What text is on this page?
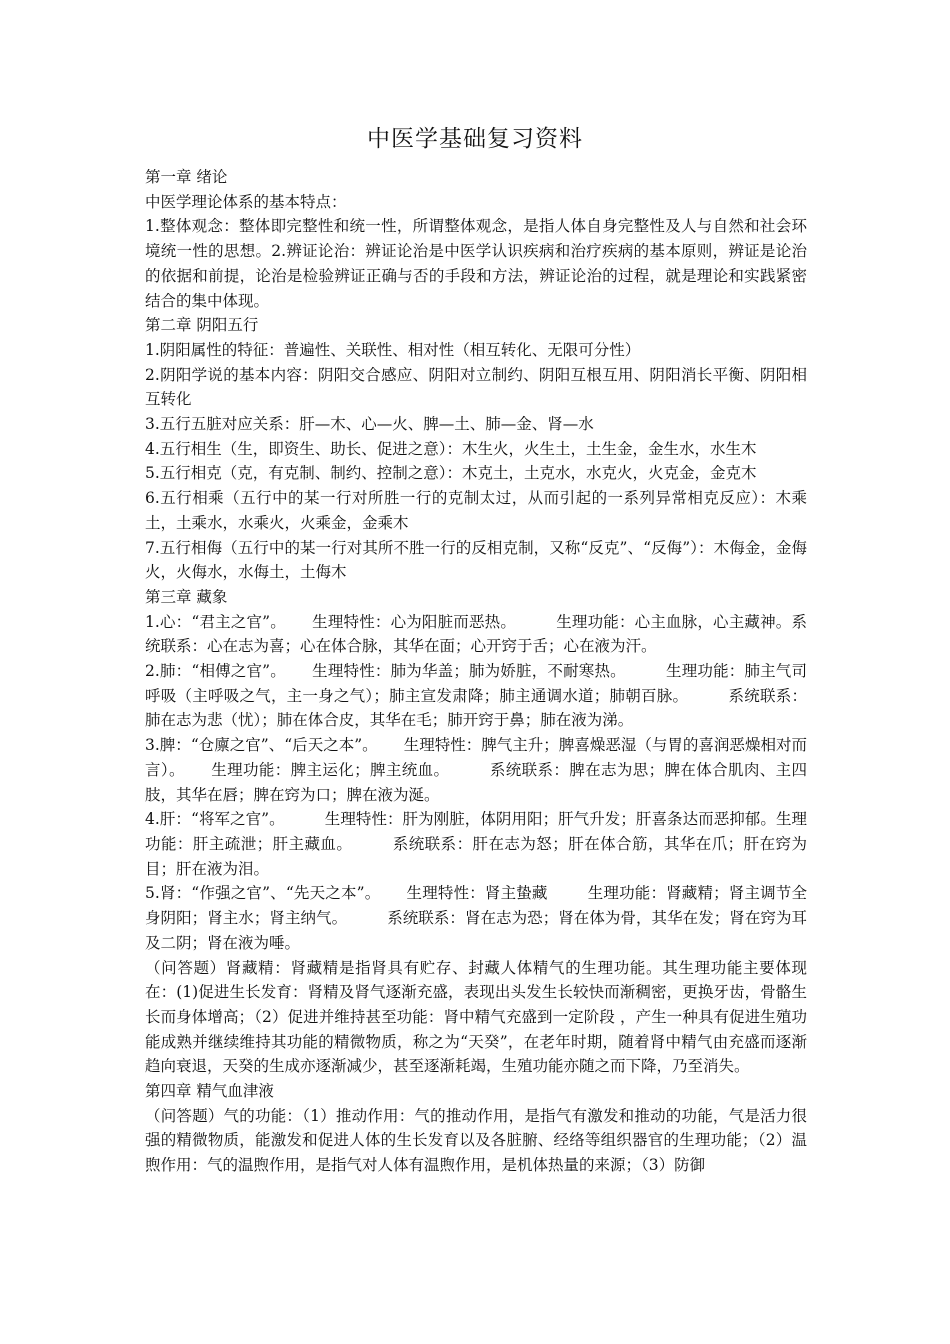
中医学基础复习资料

第一章 绪论

中医学理论体系的基本特点：

1.整体观念：整体即完整性和统一性，所谓整体观念，是指人体自身完整性及人与自然和社会环境统一性的思想。2.辨证论治：辨证论治是中医学认识疾病和治疗疾病的基本原则，辨证是论治的依据和前提，论治是检验辨证正确与否的手段和方法，辨证论治的过程，就是理论和实践紧密结合的集中体现。

第二章 阴阳五行

1.阴阳属性的特征：普遍性、关联性、相对性（相互转化、无限可分性）

2.阴阳学说的基本内容：阴阳交合感应、阴阳对立制约、阴阳互根互用、阴阳消长平衡、阴阳相互转化

3.五行五脏对应关系：肝—木、心—火、脾—土、肺—金、肾—水

4.五行相生（生，即资生、助长、促进之意）：木生火，火生土，土生金，金生水，水生木

5.五行相克（克，有克制、制约、控制之意）：木克土，土克水，水克火，火克金，金克木

6.五行相乘（五行中的某一行对所胜一行的克制太过，从而引起的一系列异常相克反应）：木乘土，土乘水，水乘火，火乘金，金乘木

7.五行相侮（五行中的某一行对其所不胜一行的反相克制，又称“反克”、“反侮”）：木侮金，金侮火，火侮水，水侮土，土侮木

第三章 藏象

1.心：“君主之官”。 生理特性：心为阳脏而恶热。	生理功能：心主血脉，心主藏神。系统联系：心在志为喜；心在体合脉，其华在面；心开窍于舌；心在液为汗。

2.肺：“相傅之官”。 生理特性：肺为华盖；肺为娇脏，不耐寒热。	生理功能：肺主气司呼吸（主呼吸之气，主一身之气）；肺主宣发肃降；肺主通调水道；肺朝百脉。	系统联系：肺在志为悲（忧）；肺在体合皮，其华在毛；肺开窍于鼻；肺在液为涕。

3.脾：“仓廪之官”、“后天之本”。 生理特性：脾气主升；脾喜燥恶湿（与胃的喜润恶燥相对而言）。 生理功能：脾主运化；脾主统血。	系统联系：脾在志为思；脾在体合肌肉、主四肢，其华在唇；脾在窍为口；脾在液为涎。

4.肝：“将军之官”。	生理特性：肝为刚脏，体阴用阳；肝气升发；肝喜条达而恶抑郁。生理功能：肝主疏泄；肝主藏血。	系统联系：肝在志为怒；肝在体合筋，其华在爪；肝在窍为目；肝在液为泪。

5.肾：“作强之官”、“先天之本”。 生理特性：肾主蛰藏	生理功能：肾藏精；肾主调节全身阴阳；肾主水；肾主纳气。	系统联系：肾在志为恐；肾在体为骨，其华在发；肾在窍为耳及二阴；肾在液为唾。

（问答题）肾藏精：肾藏精是指肾具有贮存、封藏人体精气的生理功能。其生理功能主要体现在：(1)促进生长发育：肾精及肾气逐渐充盛，表现出头发生长较快而渐稠密，更换牙齿，骨骼生长而身体增高；（2）促进并维持甚至功能：肾中精气充盛到一定阶段 ，产生一种具有促进生殖功能成熟并继续维持其功能的精微物质，称之为“天癸”，在老年时期，随着肾中精气由充盛而逐渐趋向衰退，天癸的生成亦逐渐减少，甚至逐渐耗竭，生殖功能亦随之而下降，乃至消失。

第四章 精气血津液

（问答题）气的功能：（1）推动作用：气的推动作用，是指气有激发和推动的功能，气是活力很强的精微物质，能激发和促进人体的生长发育以及各脏腑、经络等组织器官的生理功能；（2）温煦作用：气的温煦作用，是指气对人体有温煦作用，是机体热量的来源；（3）防御
